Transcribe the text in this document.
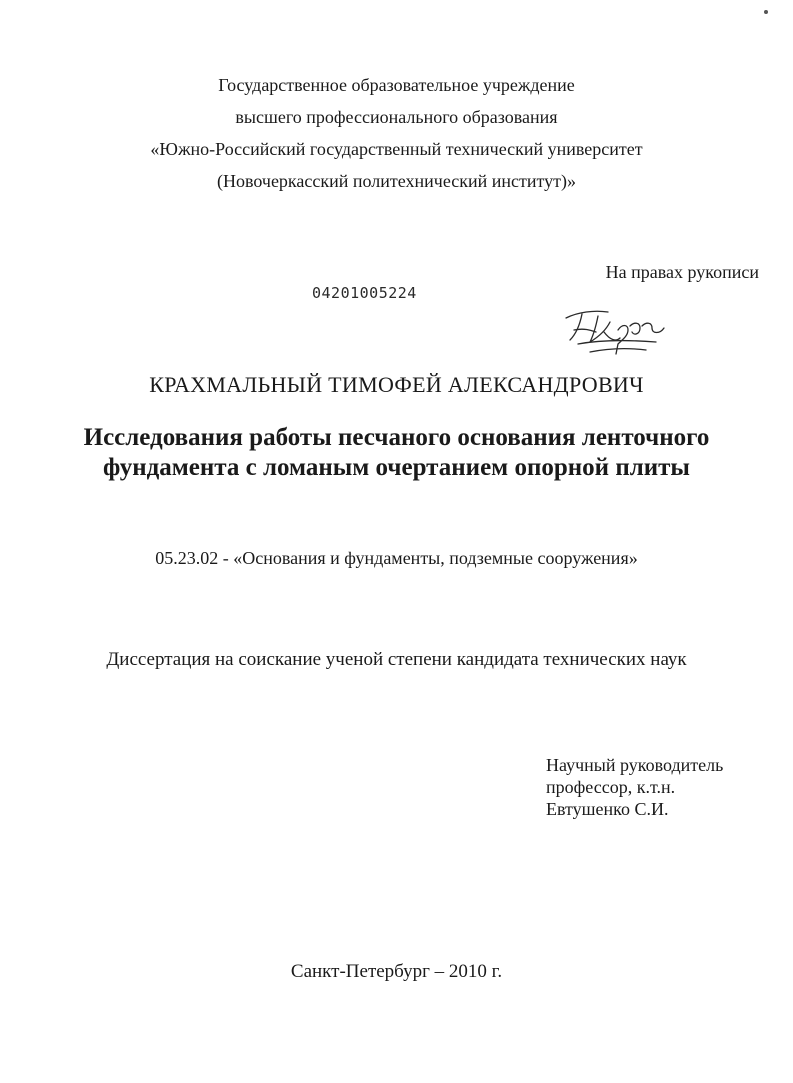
Государственное образовательное учреждение
высшего профессионального образования
«Южно-Российский государственный технический университет
(Новочеркасский политехнический институт)»
На правах рукописи
04201005224
КРАХМАЛЬНЫЙ ТИМОФЕЙ АЛЕКСАНДРОВИЧ
Исследования работы песчаного основания ленточного
фундамента с ломаным очертанием опорной плиты
05.23.02 - «Основания и фундаменты, подземные сооружения»
Диссертация на соискание ученой степени кандидата технических наук
Научный руководитель
профессор, к.т.н.
Евтушенко С.И.
Санкт-Петербург – 2010 г.
